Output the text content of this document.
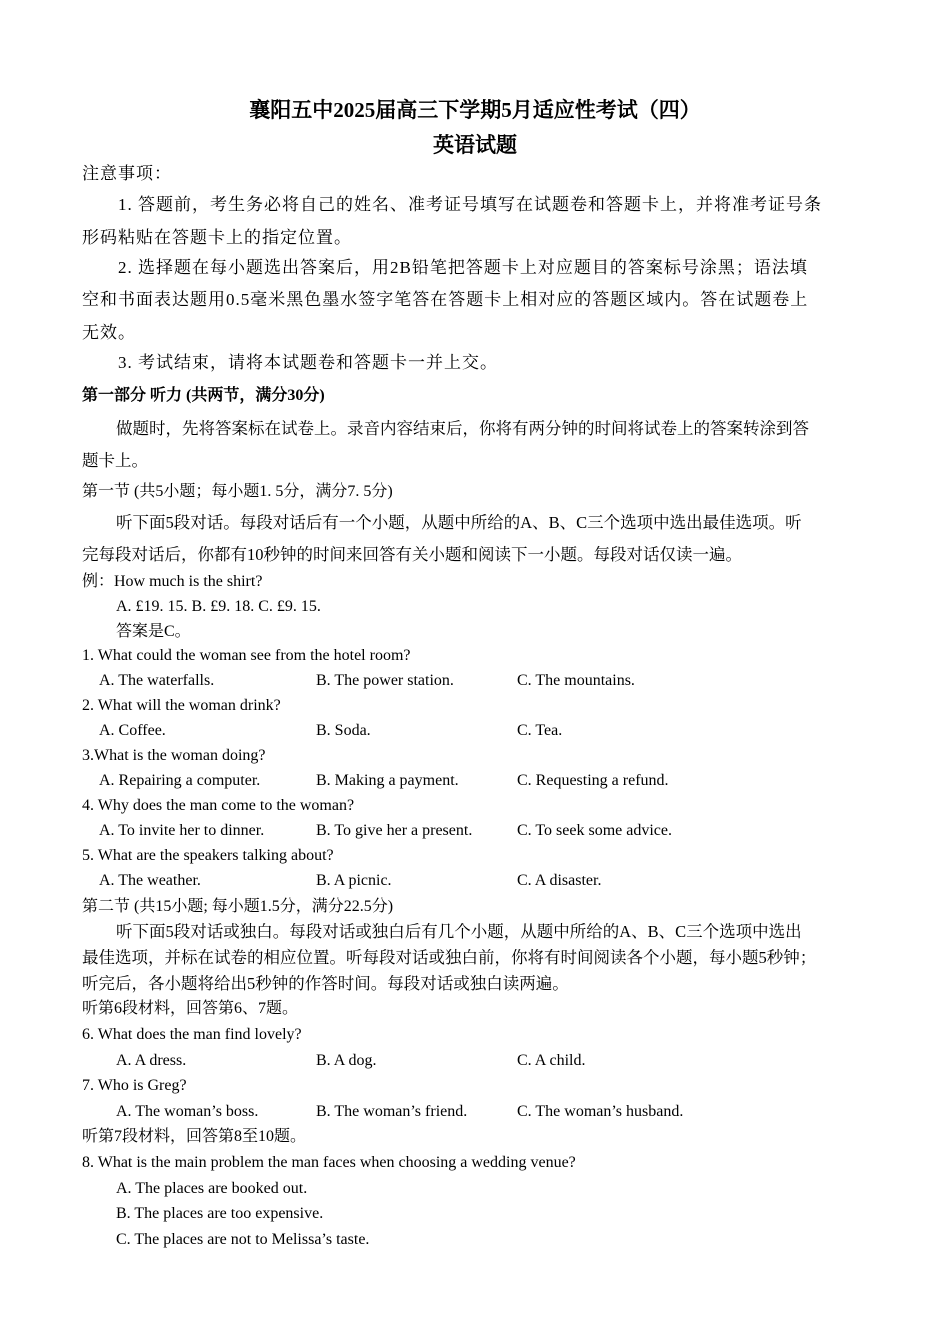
襄阳五中2025届高三下学期5月适应性考试（四）
英语试题
注意事项：
1. 答题前，考生务必将自己的姓名、准考证号填写在试题卷和答题卡上，并将准考证号条
形码粘贴在答题卡上的指定位置。
2. 选择题在每小题选出答案后，用2B铅笔把答题卡上对应题目的答案标号涂黑；语法填
空和书面表达题用0.5毫米黑色墨水签字笔答在答题卡上相对应的答题区域内。答在试题卷上
无效。
3. 考试结束，请将本试题卷和答题卡一并上交。
第一部分 听力 (共两节，满分30分)
做题时，先将答案标在试卷上。录音内容结束后，你将有两分钟的时间将试卷上的答案转涂到答
题卡上。
第一节 (共5小题；每小题1. 5分，满分7. 5分)
听下面5段对话。每段对话后有一个小题，从题中所给的A、B、C三个选项中选出最佳选项。听
完每段对话后，你都有10秒钟的时间来回答有关小题和阅读下一小题。每段对话仅读一遍。
例：How much is the shirt?
A. £19. 15. B. £9. 18. C. £9. 15.
答案是C。
1. What could the woman see from the hotel room?
A. The waterfalls.	B. The power station.	C. The mountains.
2. What will the woman drink?
A. Coffee.	B. Soda.	C. Tea.
3.What is the woman doing?
A. Repairing a computer.	B. Making a payment.	C. Requesting a refund.
4. Why does the man come to the woman?
A. To invite her to dinner.	B. To give her a present.	C. To seek some advice.
5. What are the speakers talking about?
A. The weather.	B. A picnic.	C. A disaster.
第二节 (共15小题; 每小题1.5分，满分22.5分)
听下面5段对话或独白。每段对话或独白后有几个小题，从题中所给的A、B、C三个选项中选出
最佳选项，并标在试卷的相应位置。听每段对话或独白前，你将有时间阅读各个小题，每小题5秒钟；
听完后，各小题将给出5秒钟的作答时间。每段对话或独白读两遍。
听第6段材料，回答第6、7题。
6. What does the man find lovely?
A. A dress.	B. A dog.	C. A child.
7. Who is Greg?
A. The woman’s boss.	B. The woman’s friend.	C. The woman’s husband.
听第7段材料，回答第8至10题。
8. What is the main problem the man faces when choosing a wedding venue?
A. The places are booked out.
B. The places are too expensive.
C. The places are not to Melissa’s taste.
